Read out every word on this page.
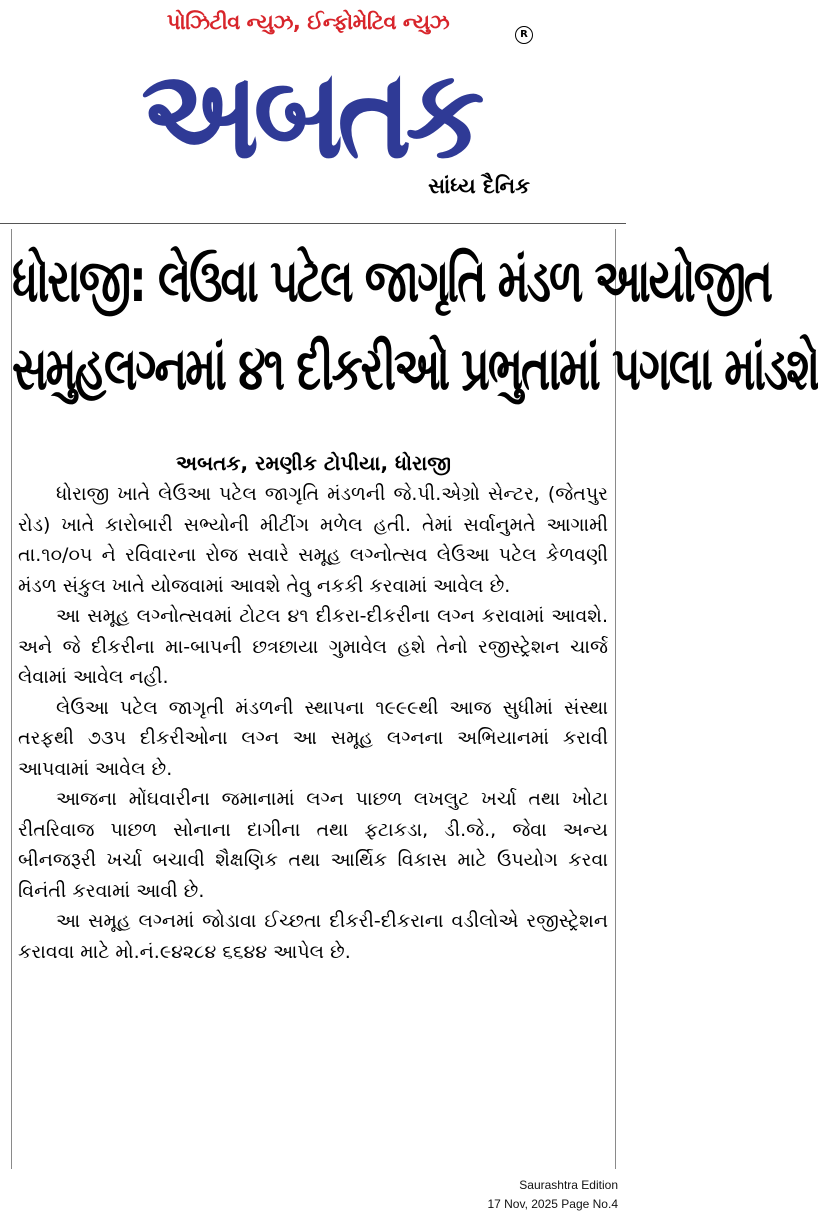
પોઝિટીવ ન્યુઝ, ઈન્ફોમેટિવ ન્યુઝ
R
અબતક
સાંધ્ય દૈનિક
ધોરાજી: લેઉવા પટેલ જાગૃતિ મંડળ આયોજીત
સમુહલગ્નમાં ૪૧ દીકરીઓ પ્રભુતામાં પગલા માંડશે
અબતક, રમણીક ટોપીયા, ધોરાજી

ધોરાજી ખાતે લેઉઆ પટેલ જાગૃતિ મંડળની જે.પી.એગ્રો સેન્ટર, (જેતપુર રોડ) ખાતે કારોબારી સભ્યોની મીટીંગ મળેલ હતી. તેમાં સર્વાનુમતે આગામી તા.૧૦/૦૫ ને રવિવારના રોજ સવારે સમૂહ લગ્નોત્સવ લેઉઆ પટેલ કેળવણી મંડળ સંકુલ ખાતે યોજવામાં આવશે તેવુ નકકી કરવામાં આવેલ છે.

આ સમૂહ લગ્નોત્સવમાં ટોટલ ૪૧ દીકરા-દીકરીના લગ્ન કરાવામાં આવશે. અને જે દીકરીના મા-બાપની છત્રછાયા ગુમાવેલ હશે તેનો રજીસ્ટ્રેશન ચાર્જ લેવામાં આવેલ નહી.

લેઉઆ પટેલ જાગૃતી મંડળની સ્થાપના ૧૯૯૯થી આજ સુધીમાં સંસ્થા તરફથી ૭૩૫ દીકરીઓના લગ્ન આ સમૂહ લગ્નના અભિયાનમાં કરાવી આપવામાં આવેલ છે.

આજના મોંઘવારીના જમાનામાં લગ્ન પાછળ લખલુટ ખર્ચા તથા ખોટા રીતરિવાજ પાછળ સોનાના દાગીના તથા ફટાકડા, ડી.જે., જેવા અન્ય બીનજરૂરી ખર્ચા બચાવી શૈક્ષણિક તથા આર્થિક વિકાસ માટે ઉપયોગ કરવા વિનંતી કરવામાં આવી છે.

આ સમૂહ લગ્નમાં જોડાવા ઈચ્છતા દીકરી-દીકરાના વડીલોએ રજીસ્ટ્રેશન કરાવવા માટે મો.નં.૯૪૨૮૪ ૬૬૪૪ આપેલ છે.

Saurashtra Edition
17 Nov, 2025 Page No.4
